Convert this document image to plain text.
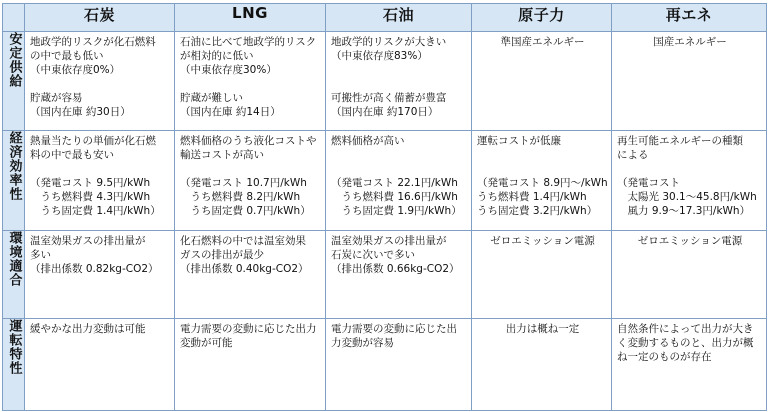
	石炭	LNG	石油	原子力	再エネ
安定供給	地政学的リスクが化石燃料
の中で最も低い
（中東依存度0%）

貯蔵が容易
（国内在庫 約30日）	石油に比べて地政学的リスク
が相対的に低い
（中東依存度30%）

貯蔵が難しい
（国内在庫 約14日）	地政学的リスクが大きい
（中東依存度83%）

可搬性が高く備蓄が豊富
（国内在庫 約170日）	準国産エネルギー	国産エネルギー
経済効率性	熱量当たりの単価が化石燃
料の中で最も安い

（発電コスト 9.5円/kWh
　うち燃料費 4.3円/kWh
　うち固定費 1.4円/kWh）	燃料価格のうち液化コストや
輸送コストが高い

（発電コスト 10.7円/kWh
　うち燃料費 8.2円/kWh
　うち固定費 0.7円/kWh）	燃料価格が高い

（発電コスト 22.1円/kWh
　うち燃料費 16.6円/kWh
　うち固定費 1.9円/kWh）	運転コストが低廉

（発電コスト 8.9円～/kWh
うち燃料費 1.4円/kWh
うち固定費 3.2円/kWh）	再生可能エネルギーの種類
による

（発電コスト
　太陽光 30.1～45.8円/kWh
　風力 9.9～17.3円/kWh）
環境適合	温室効果ガスの排出量が
多い
（排出係数 0.82kg-CO2）	化石燃料の中では温室効果
ガスの排出が最少
（排出係数 0.40kg-CO2）	温室効果ガスの排出量が
石炭に次いで多い
（排出係数 0.66kg-CO2）	ゼロエミッション電源	ゼロエミッション電源
運転特性	緩やかな出力変動は可能	電力需要の変動に応じた出力
変動が可能	電力需要の変動に応じた出
力変動が容易	出力は概ね一定	自然条件によって出力が大き
く変動するものと、出力が概
ね一定のものが存在
